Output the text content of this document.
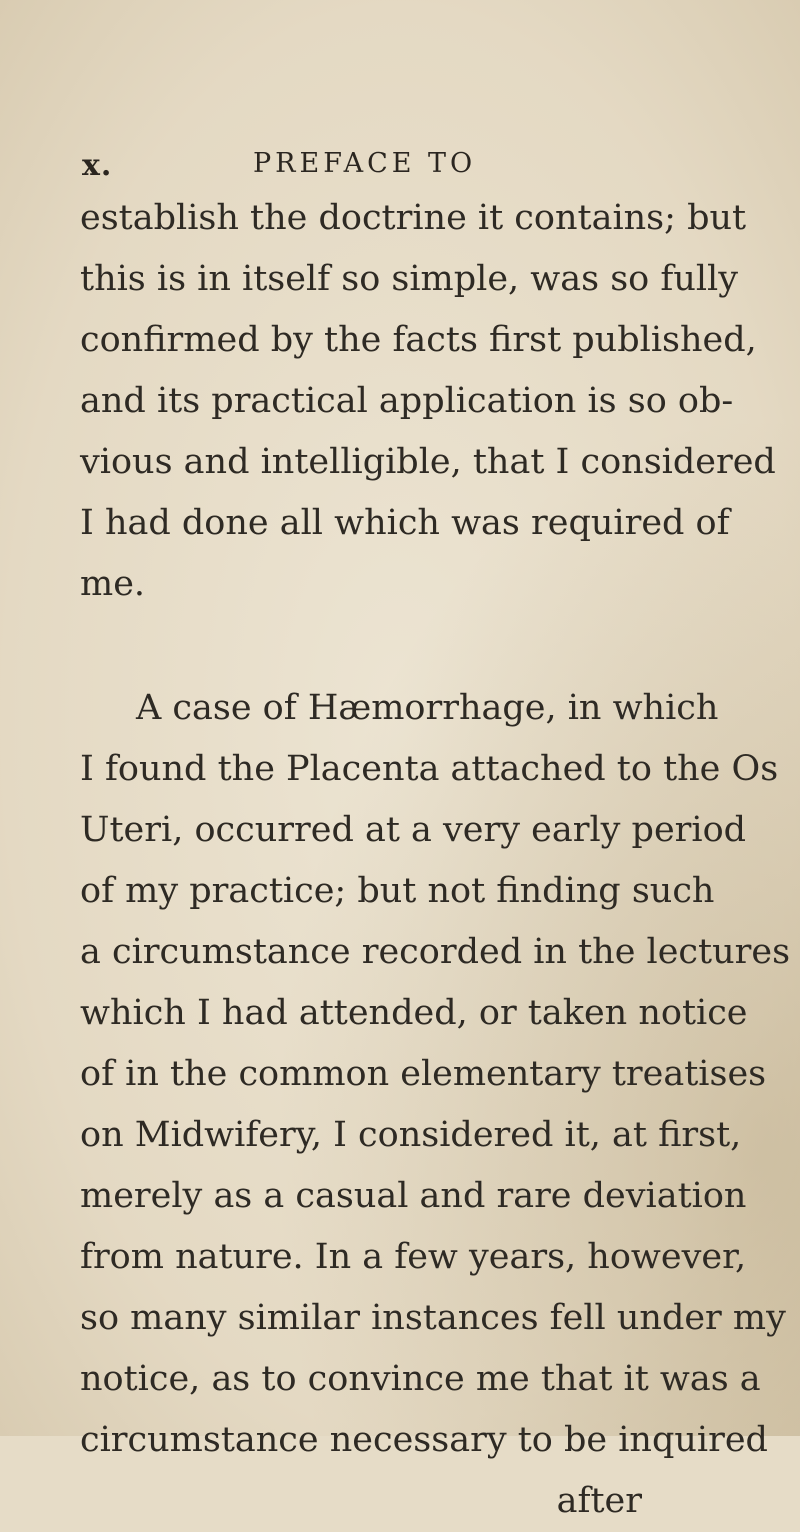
x.	PREFACE TO
establish the doctrine it contains; but
this is in itself so simple, was so fully
confirmed by the facts first published,
and its practical application is so ob-
vious and intelligible, that I considered
I had done all which was required of
me.
A case of Hæmorrhage, in which
I found the Placenta attached to the Os
Uteri, occurred at a very early period
of my practice; but not finding such
a circumstance recorded in the lectures
which I had attended, or taken notice
of in the common elementary treatises
on Midwifery, I considered it, at first,
merely as a casual and rare deviation
from nature. In a few years, however,
so many similar instances fell under my
notice, as to convince me that it was a
circumstance necessary to be inquired
after
